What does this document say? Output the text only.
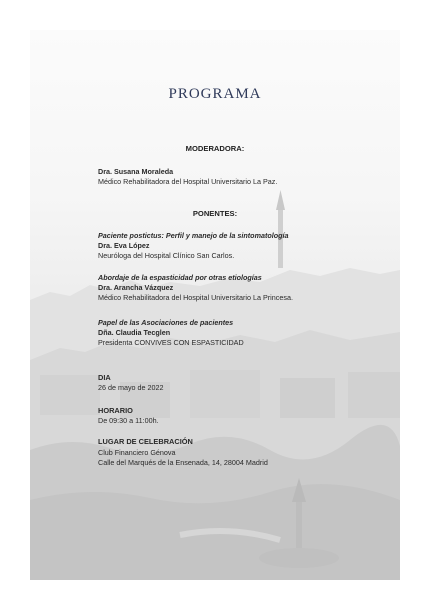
PROGRAMA
MODERADORA:
Dra. Susana Moraleda
Médico Rehabilitadora del Hospital Universitario La Paz.
PONENTES:
Paciente postictus: Perfil y manejo de la sintomatología
Dra. Eva López
Neuróloga del Hospital Clínico San Carlos.
Abordaje de la espasticidad por otras etiologías
Dra. Arancha Vázquez
Médico Rehabilitadora del Hospital Universitario La Princesa.
Papel de las Asociaciones de pacientes
Dña. Claudia Tecglen
Presidenta CONVIVES CON ESPASTICIDAD
DIA
26 de mayo de 2022
HORARIO
De 09:30 a 11:00h.
LUGAR DE CELEBRACIÓN
Club Financiero Génova
Calle del Marqués de la Ensenada, 14, 28004 Madrid
